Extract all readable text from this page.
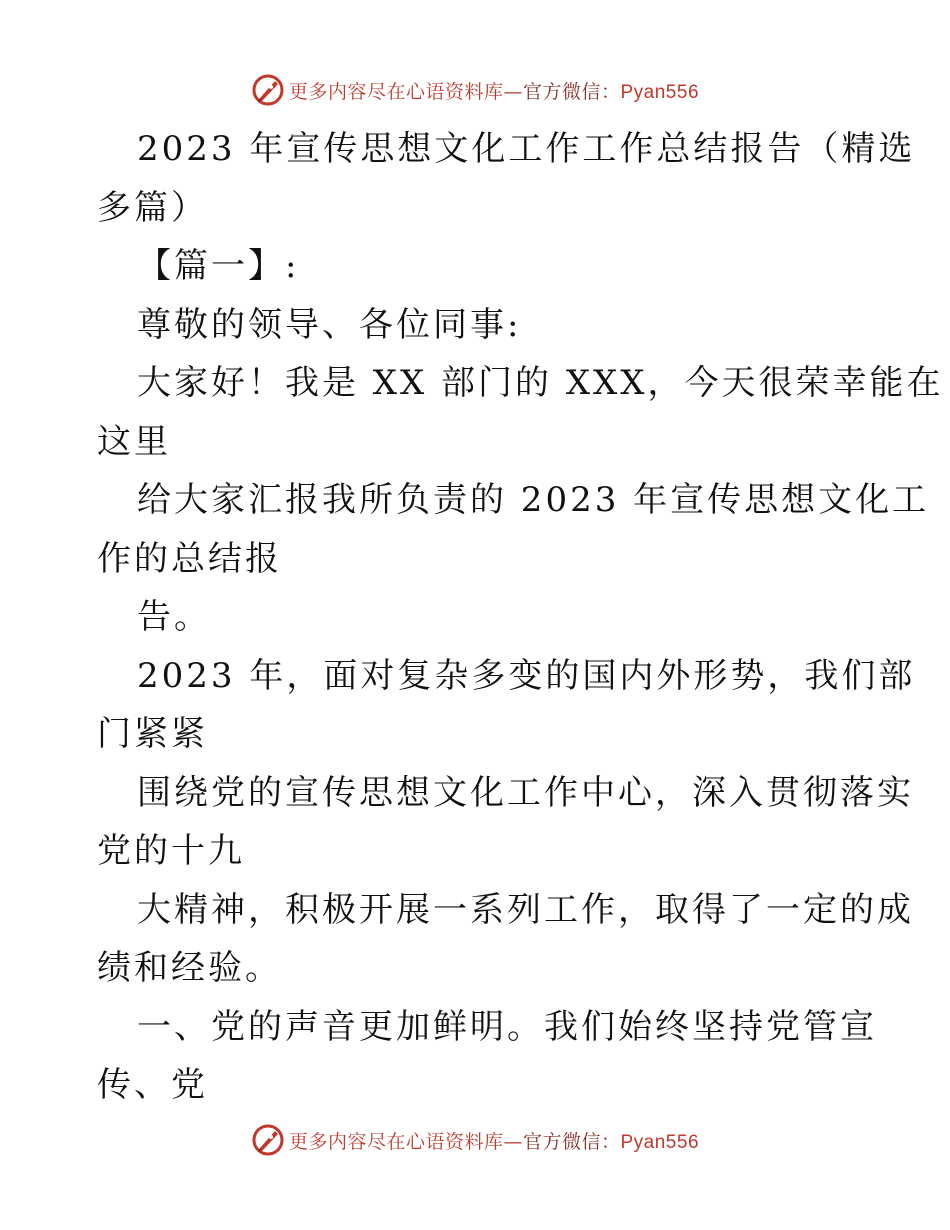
更多内容尽在心语资料库—官方微信：Pyan556
2023 年宣传思想文化工作工作总结报告（精选
多篇）
【篇一】:
尊敬的领导、各位同事:
大家好！我是 XX 部门的 XXX，今天很荣幸能在
这里
给大家汇报我所负责的 2023 年宣传思想文化工
作的总结报
告。
2023 年，面对复杂多变的国内外形势，我们部
门紧紧
围绕党的宣传思想文化工作中心，深入贯彻落实
党的十九
大精神，积极开展一系列工作，取得了一定的成
绩和经验。
一、党的声音更加鲜明。我们始终坚持党管宣
传、党
更多内容尽在心语资料库—官方微信：Pyan556
